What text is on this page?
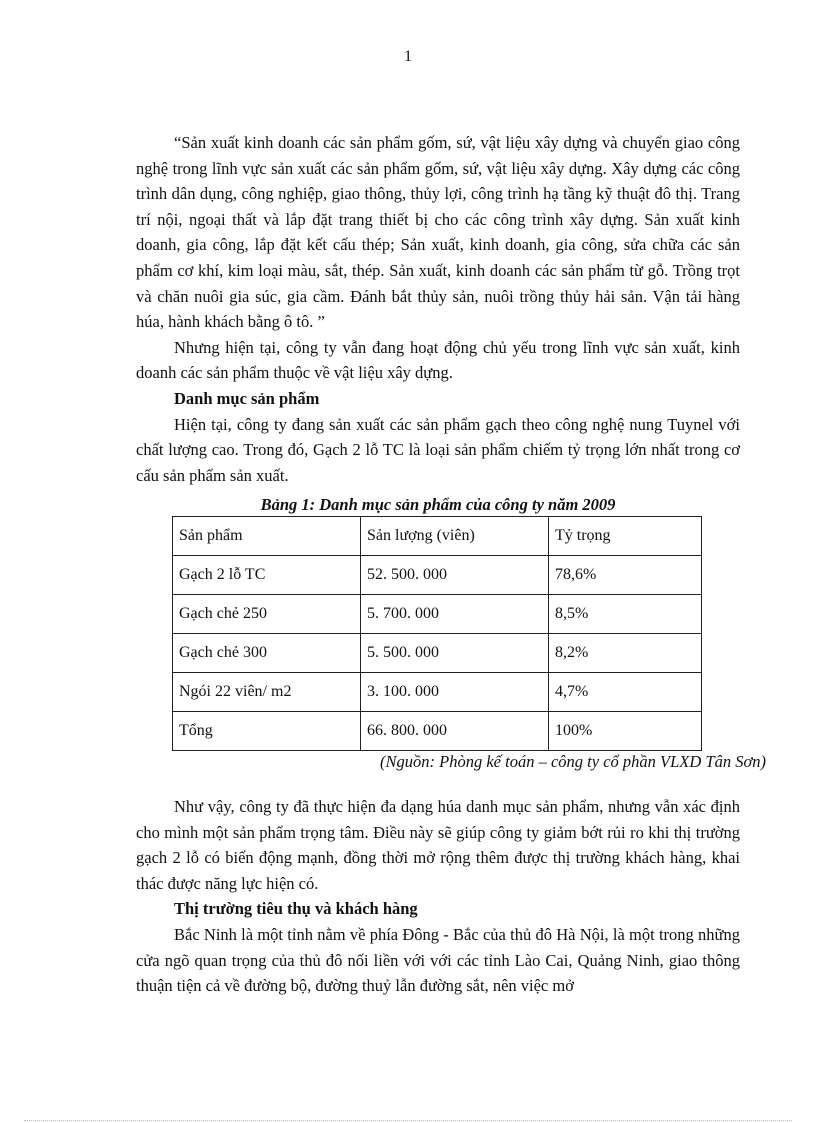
1

“Sản xuất kinh doanh các sản phẩm gốm, sứ, vật liệu xây dựng và chuyển giao công nghệ trong lĩnh vực sản xuất các sản phẩm gốm, sứ, vật liệu xây dựng. Xây dựng các công trình dân dụng, công nghiệp, giao thông, thủy lợi, công trình hạ tầng kỹ thuật đô thị. Trang trí nội, ngoại thất và lắp đặt trang thiết bị cho các công trình xây dựng. Sản xuất kinh doanh, gia công, lắp đặt kết cấu thép; Sản xuất, kinh doanh, gia công, sửa chữa các sản phẩm cơ khí, kim loại màu, sắt, thép. Sản xuất, kinh doanh các sản phẩm từ gỗ. Trồng trọt và chăn nuôi gia súc, gia cầm. Đánh bắt thủy sản, nuôi trồng thủy hải sản. Vận tải hàng húa, hành khách bằng ô tô. ”

Nhưng hiện tại, công ty vẫn đang hoạt động chủ yếu trong lĩnh vực sản xuất, kinh doanh các sản phẩm thuộc về vật liệu xây dựng.

Danh mục sản phẩm

Hiện tại, công ty đang sản xuất các sản phẩm gạch theo công nghệ nung Tuynel với chất lượng cao. Trong đó, Gạch 2 lỗ TC là loại sản phẩm chiếm tỷ trọng lớn nhất trong cơ cấu sản phẩm sản xuất.

Bảng 1: Danh mục sản phẩm của công ty năm 2009

Sản phẩm	Sản lượng (viên)	Tỷ trọng
Gạch 2 lỗ TC	52. 500. 000	78,6%
Gạch chẻ 250	5. 700. 000	8,5%
Gạch chẻ 300	5. 500. 000	8,2%
Ngói 22 viên/ m2	3. 100. 000	4,7%
Tổng	66. 800. 000	100%

(Nguồn: Phòng kế toán – công ty cổ phần VLXD Tân Sơn)

Như vậy, công ty đã thực hiện đa dạng húa danh mục sản phẩm, nhưng vẫn xác định cho mình một sản phẩm trọng tâm. Điều này sẽ giúp công ty giảm bớt rủi ro khi thị trường gạch 2 lỗ có biến động mạnh, đồng thời mở rộng thêm được thị trường khách hàng, khai thác được năng lực hiện có.

Thị trường tiêu thụ và khách hàng

Bắc Ninh là một tỉnh nằm về phía Đông - Bắc của thủ đô Hà Nội, là một trong những cửa ngõ quan trọng của thủ đô nối liền với với các tỉnh Lào Cai, Quảng Ninh, giao thông thuận tiện cả về đường bộ, đường thuỷ lẫn đường sắt, nên việc mở
